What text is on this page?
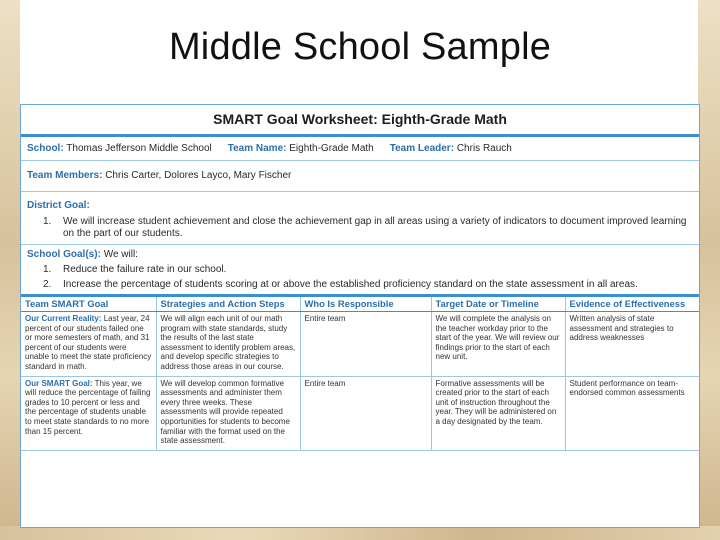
Middle School Sample
SMART Goal Worksheet: Eighth-Grade Math
School: Thomas Jefferson Middle School Team Name: Eighth-Grade Math Team Leader: Chris Rauch
Team Members: Chris Carter, Dolores Layco, Mary Fischer
District Goal:
1.	We will increase student achievement and close the achievement gap in all areas using a variety of indicators to document improved learning on the part of our students.
School Goal(s): We will:
1.	Reduce the failure rate in our school.
2.	Increase the percentage of students scoring at or above the established proficiency standard on the state assessment in all areas.
Team SMART Goal	Strategies and Action Steps	Who Is Responsible	Target Date or Timeline	Evidence of Effectiveness
Our Current Reality: Last year, 24 percent of our students failed one or more semesters of math, and 31 percent of our students were unable to meet the state proficiency standard in math.	We will align each unit of our math program with state standards, study the results of the last state assessment to identify problem areas, and develop specific strategies to address those areas in our course.	Entire team	We will complete the analysis on the teacher workday prior to the start of the year. We will review our findings prior to the start of each new unit.	Written analysis of state assessment and strategies to address weaknesses
Our SMART Goal: This year, we will reduce the percentage of failing grades to 10 percent or less and the percentage of students unable to meet state standards to no more than 15 percent.	We will develop common formative assessments and administer them every three weeks. These assessments will provide repeated opportunities for students to become familiar with the format used on the state assessment.	Entire team	Formative assessments will be created prior to the start of each unit of instruction throughout the year. They will be administered on a day designated by the team.	Student performance on team-endorsed common assessments
